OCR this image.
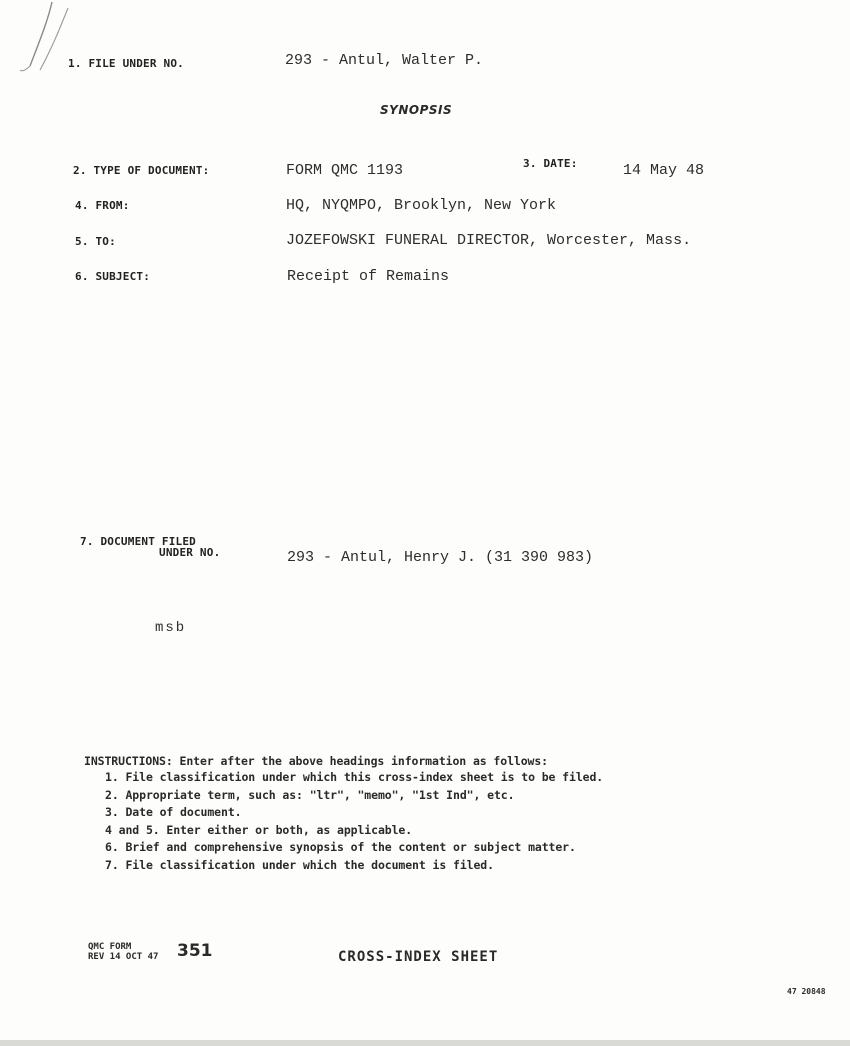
1. FILE UNDER NO.	293 - Antul, Walter P.
SYNOPSIS
2. TYPE OF DOCUMENT:	FORM QMC 1193	3. DATE:	14 May 48
4. FROM:	HQ, NYQMPO, Brooklyn, New York
5. TO:	JOZEFOWSKI FUNERAL DIRECTOR, Worcester, Mass.
6. SUBJECT:	Receipt of Remains
7. DOCUMENT FILED
UNDER NO.	293 - Antul, Henry J. (31 390 983)
msb
INSTRUCTIONS: Enter after the above headings information as follows:
1. File classification under which this cross-index sheet is to be filed.
2. Appropriate term, such as: "ltr", "memo", "1st Ind", etc.
3. Date of document.
4 and 5. Enter either or both, as applicable.
6. Brief and comprehensive synopsis of the content or subject matter.
7. File classification under which the document is filed.
QMC FORM
REV 14 OCT 47 351	CROSS-INDEX SHEET
47 20848
